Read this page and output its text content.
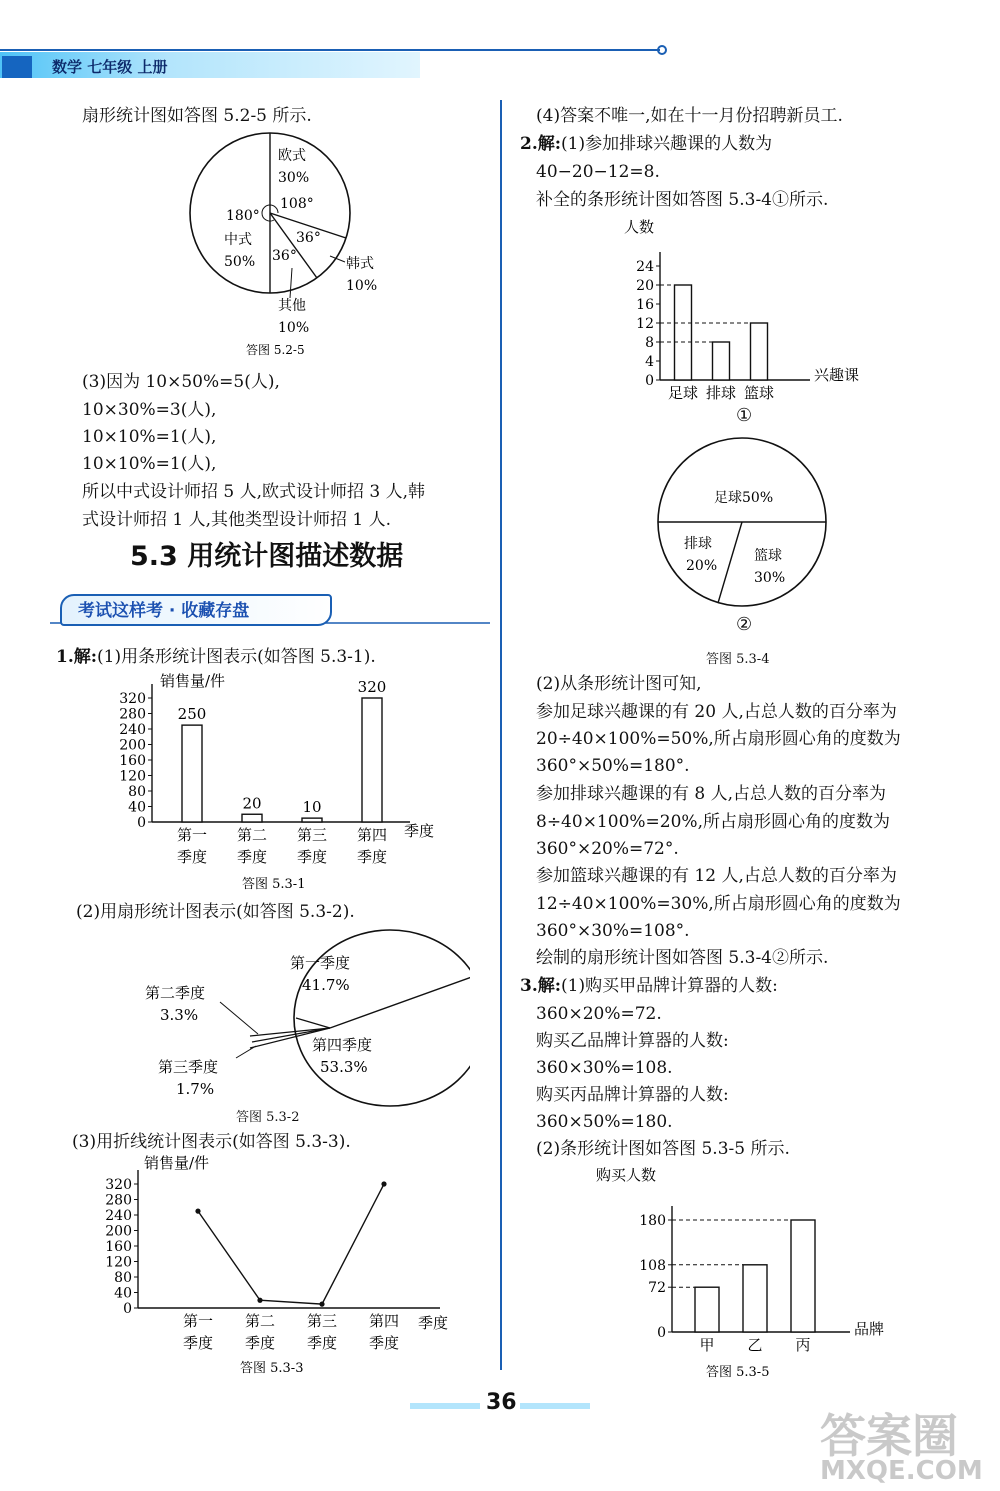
数学 七年级 上册
扇形统计图如答图 5.2-5 所示.
欧式
30%
108°
180°
中式
50%
36°
韩式
10%
36°
其他
10%
答图 5.2-5
(3)因为 10×50%=5(人),
10×30%=3(人),
10×10%=1(人),
10×10%=1(人),
所以中式设计师招 5 人,欧式设计师招 3 人,韩
式设计师招 1 人,其他类型设计师招 1 人.
5.3 用统计图描述数据
考试这样考 · 收藏存盘
1.解:(1)用条形统计图表示(如答图 5.3-1).
销售量/件
季度
0
40
80
120
160
200
240
280
320
250
第一
季度
20
第二
季度
10
第三
季度
320
第四
季度
答图 5.3-1
(2)用扇形统计图表示(如答图 5.3-2).
第一季度
41.7%
第二季度
3.3%
第三季度
1.7%
第四季度
53.3%
答图 5.3-2
(3)用折线统计图表示(如答图 5.3-3).
销售量/件
季度
0
40
80
120
160
200
240
280
320
第一
季度
第二
季度
第三
季度
第四
季度
答图 5.3-3
(4)答案不唯一,如在十一月份招聘新员工.
2.解:(1)参加排球兴趣课的人数为
40−20−12=8.
补全的条形统计图如答图 5.3-4①所示.
人数
兴趣课
0
4
8
12
16
20
24
足球 排球 篮球
①
足球50%
排球
20%
篮球
30%
②
答图 5.3-4
(2)从条形统计图可知,
参加足球兴趣课的有 20 人,占总人数的百分率为
20÷40×100%=50%,所占扇形圆心角的度数为
360°×50%=180°.
参加排球兴趣课的有 8 人,占总人数的百分率为
8÷40×100%=20%,所占扇形圆心角的度数为
360°×20%=72°.
参加篮球兴趣课的有 12 人,占总人数的百分率为
12÷40×100%=30%,所占扇形圆心角的度数为
360°×30%=108°.
绘制的扇形统计图如答图 5.3-4②所示.
3.解:(1)购买甲品牌计算器的人数:
360×20%=72.
购买乙品牌计算器的人数:
360×30%=108.
购买丙品牌计算器的人数:
360×50%=180.
(2)条形统计图如答图 5.3-5 所示.
购买人数
品牌
0
72
108
180
甲 乙 丙
答图 5.3-5
36
答案圈
MXQE.COM
